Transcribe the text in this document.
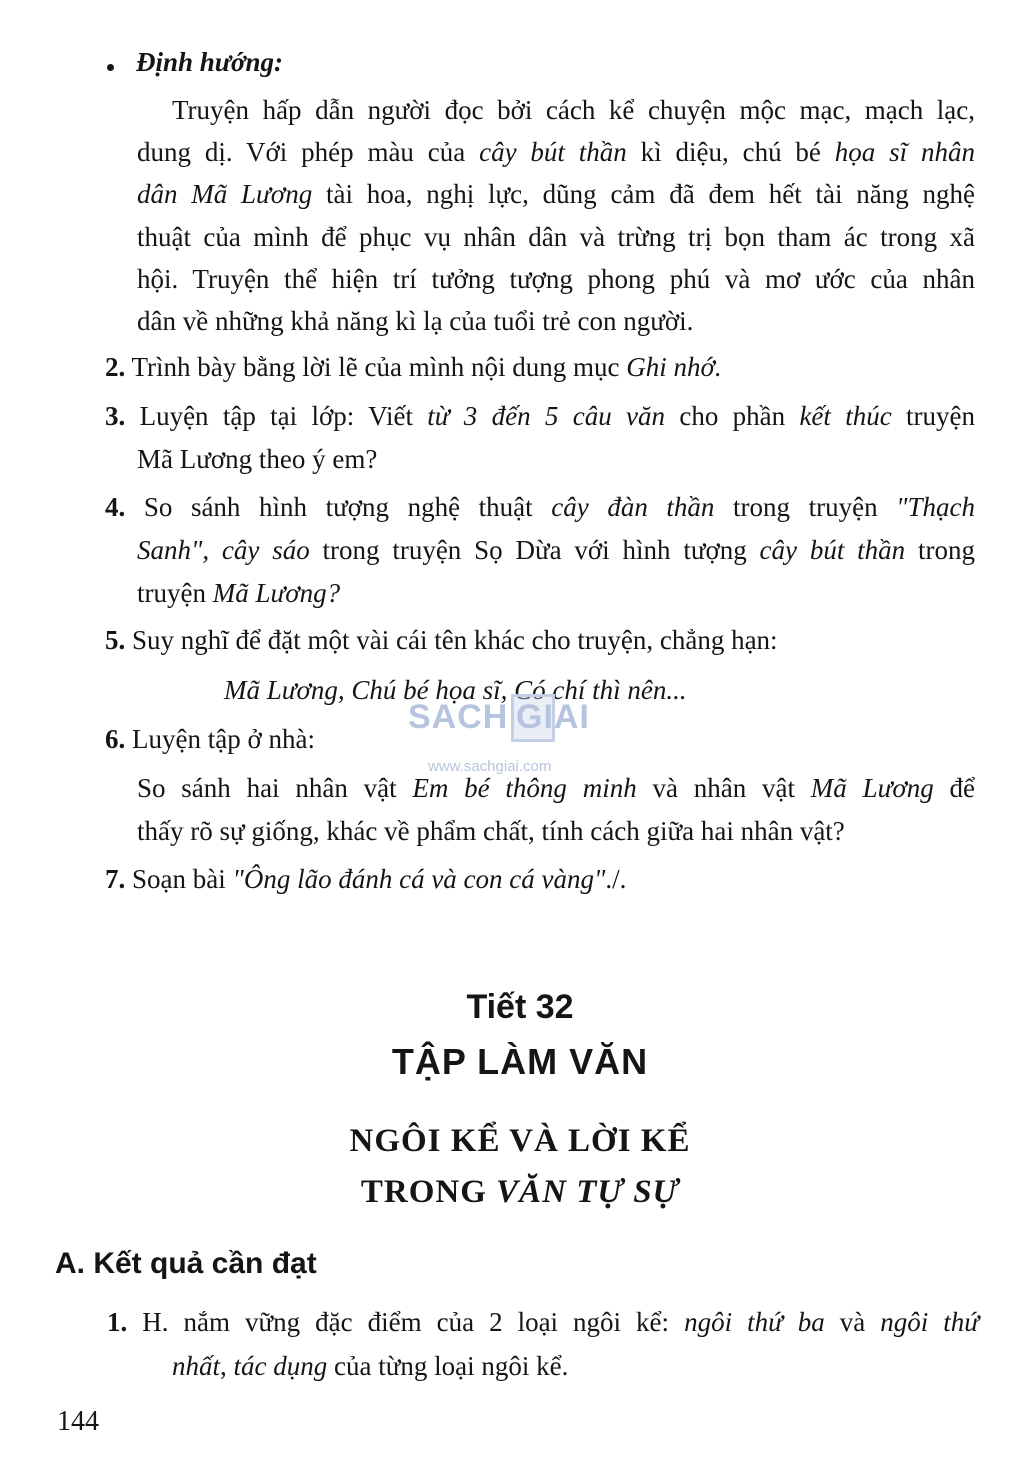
Định hướng:
Truyện hấp dẫn người đọc bởi cách kể chuyện mộc mạc, mạch lạc,
dung dị. Với phép màu của cây bút thần kì diệu, chú bé họa sĩ nhân
dân Mã Lương tài hoa, nghị lực, dũng cảm đã đem hết tài năng nghệ
thuật của mình để phục vụ nhân dân và trừng trị bọn tham ác trong xã
hội. Truyện thể hiện trí tưởng tượng phong phú và mơ ước của nhân
dân về những khả năng kì lạ của tuổi trẻ con người.
2. Trình bày bằng lời lẽ của mình nội dung mục Ghi nhớ.
3. Luyện tập tại lớp: Viết từ 3 đến 5 câu văn cho phần kết thúc truyện
Mã Lương theo ý em?
4. So sánh hình tượng nghệ thuật cây đàn thần trong truyện "Thạch
Sanh", cây sáo trong truyện Sọ Dừa với hình tượng cây bút thần trong
truyện Mã Lương?
5. Suy nghĩ để đặt một vài cái tên khác cho truyện, chẳng hạn:
Mã Lương, Chú bé họa sĩ, Có chí thì nên...
SACH GIAI
www.sachgiai.com
6. Luyện tập ở nhà:
So sánh hai nhân vật Em bé thông minh và nhân vật Mã Lương để
thấy rõ sự giống, khác về phẩm chất, tính cách giữa hai nhân vật?
7. Soạn bài "Ông lão đánh cá và con cá vàng"./.
Tiết 32
TẬP LÀM VĂN
NGÔI KỂ VÀ LỜI KỂ
TRONG VĂN TỰ SỰ
A. Kết quả cần đạt
1. H. nắm vững đặc điểm của 2 loại ngôi kể: ngôi thứ ba và ngôi thứ
nhất, tác dụng của từng loại ngôi kể.
144
